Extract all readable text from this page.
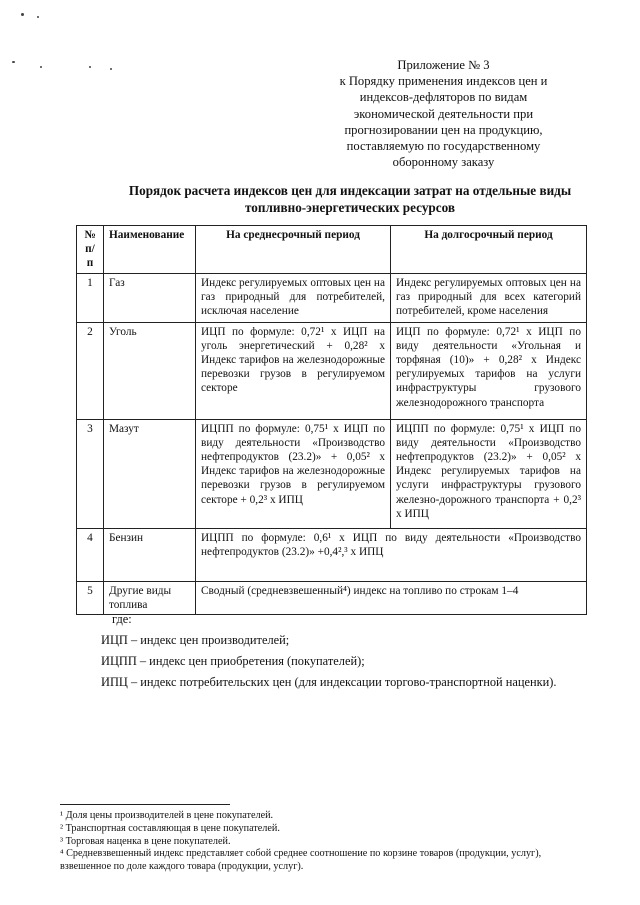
Приложение № 3
к Порядку применения индексов цен и
индексов-дефляторов по видам
экономической деятельности при
прогнозировании цен на продукцию,
поставляемую по государственному
оборонному заказу
Порядок расчета индексов цен для индексации затрат на отдельные виды
топливно-энергетических ресурсов
№ п/п	Наименование	На среднесрочный период	На долгосрочный период
1	Газ	Индекс регулируемых оптовых цен на газ природный для потребителей, исключая население	Индекс регулируемых оптовых цен на газ природный для всех категорий потребителей, кроме населения
2	Уголь	ИЦП по формуле: 0,72¹ х ИЦП на уголь энергетический + 0,28² х Индекс тарифов на железнодорожные перевозки грузов в регулируемом секторе	ИЦП по формуле: 0,72¹ х ИЦП по виду деятельности «Угольная и торфяная (10)» + 0,28² х Индекс регулируемых тарифов на услуги инфраструктуры грузового железнодорожного транспорта
3	Мазут	ИЦПП по формуле: 0,75¹ х ИЦП по виду деятельности «Производство нефтепродуктов (23.2)» + 0,05² х Индекс тарифов на железнодорожные перевозки грузов в регулируемом секторе + 0,2³ х ИПЦ	ИЦПП по формуле: 0,75¹ х ИЦП по виду деятельности «Производство нефтепродуктов (23.2)» + 0,05² х Индекс регулируемых тарифов на услуги инфраструктуры грузового железно-дорожного транспорта + 0,2³ х ИПЦ
4	Бензин	ИЦПП по формуле: 0,6¹ х ИЦП по виду деятельности «Производство нефтепродуктов (23.2)» +0,4²,³ х ИПЦ	
5	Другие виды топлива	Сводный (средневзвешенный⁴) индекс на топливо по строкам 1–4	
где:
ИЦП – индекс цен производителей;
ИЦПП – индекс цен приобретения (покупателей);
ИПЦ – индекс потребительских цен (для индексации торгово-транспортной наценки).
¹ Доля цены производителей в цене покупателей.
² Транспортная составляющая в цене покупателей.
³ Торговая наценка в цене покупателей.
⁴ Средневзвешенный индекс представляет собой среднее соотношение по корзине товаров (продукции, услуг), взвешенное по доле каждого товара (продукции, услуг).
